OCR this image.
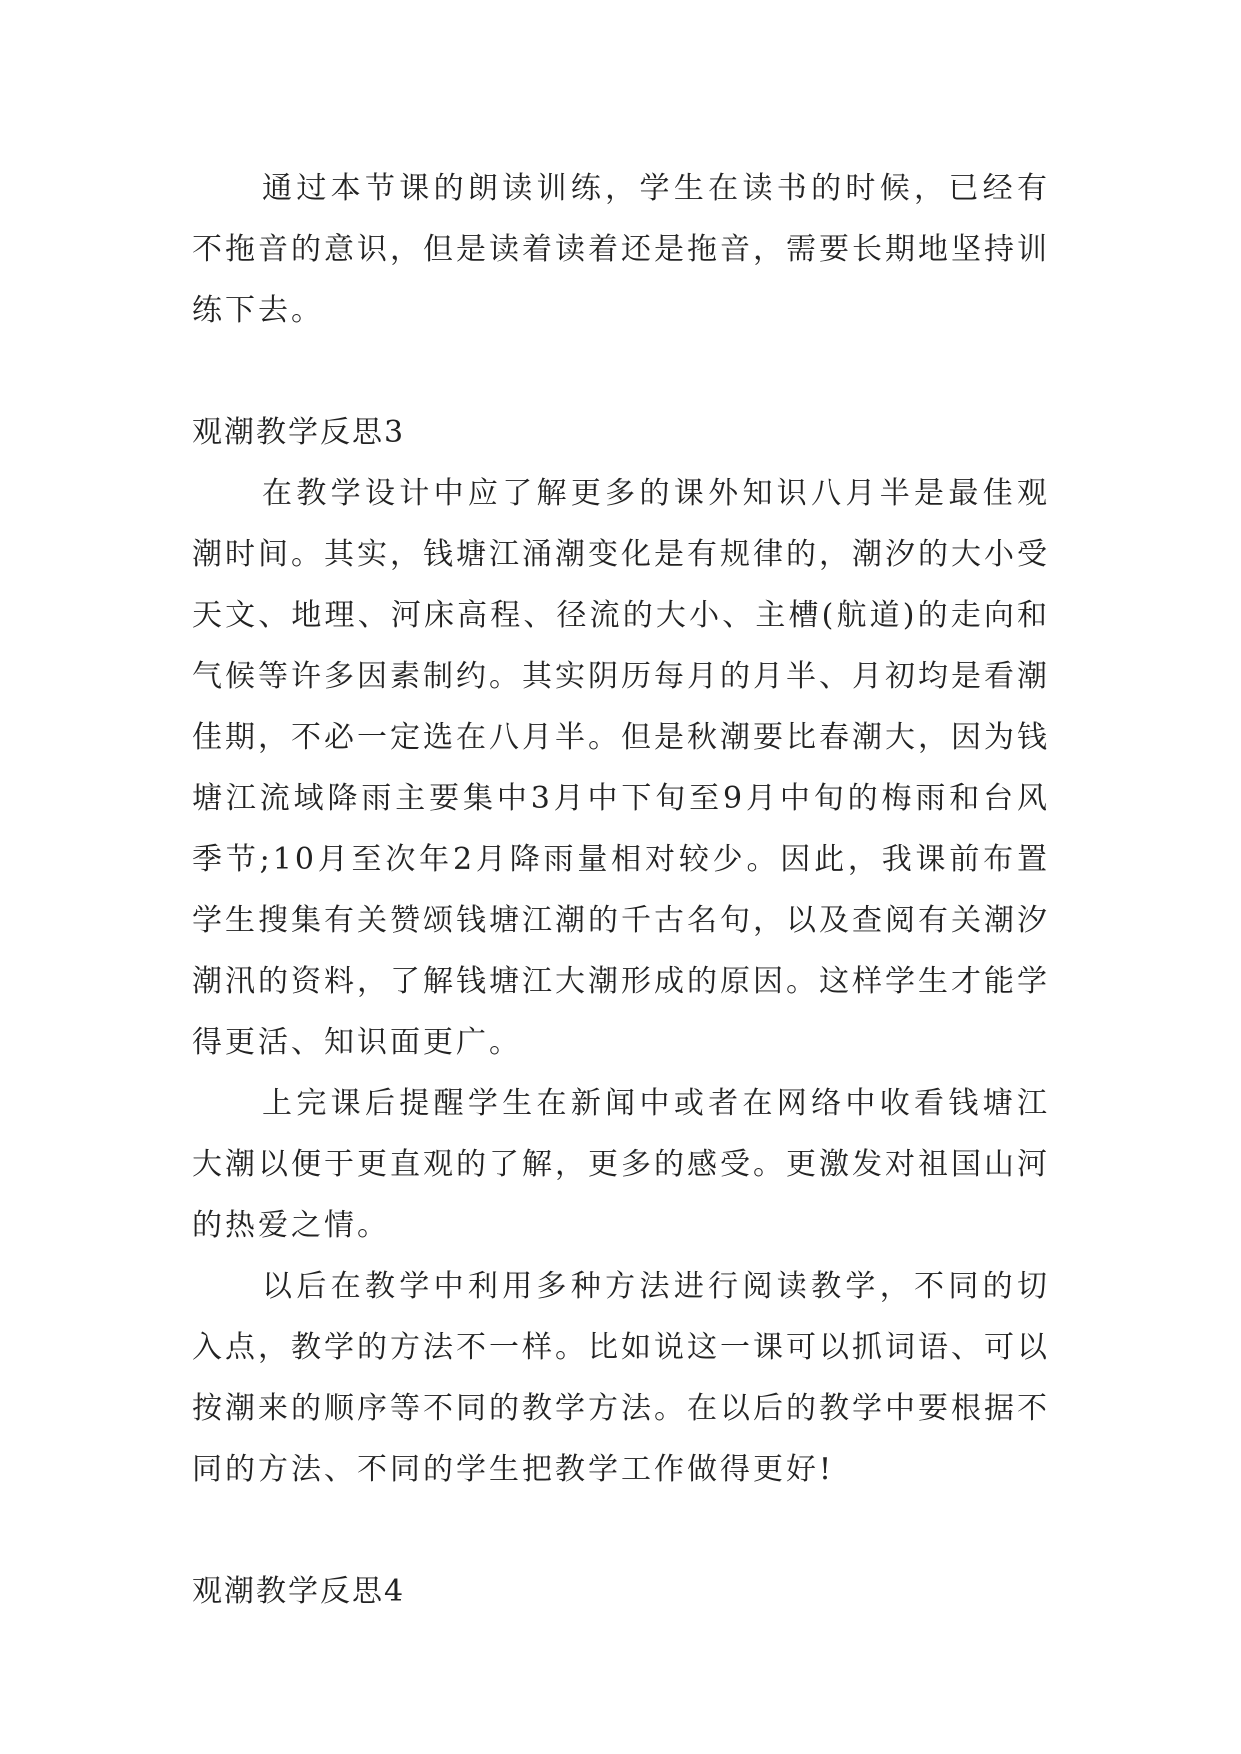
通过本节课的朗读训练，学生在读书的时候，已经有不拖音的意识，但是读着读着还是拖音，需要长期地坚持训练下去。

观潮教学反思3

在教学设计中应了解更多的课外知识八月半是最佳观潮时间。其实，钱塘江涌潮变化是有规律的，潮汐的大小受天文、地理、河床高程、径流的大小、主槽(航道)的走向和气候等许多因素制约。其实阴历每月的月半、月初均是看潮佳期，不必一定选在八月半。但是秋潮要比春潮大，因为钱塘江流域降雨主要集中3月中下旬至9月中旬的梅雨和台风季节;10月至次年2月降雨量相对较少。因此，我课前布置学生搜集有关赞颂钱塘江潮的千古名句，以及查阅有关潮汐潮汛的资料，了解钱塘江大潮形成的原因。这样学生才能学得更活、知识面更广。

上完课后提醒学生在新闻中或者在网络中收看钱塘江大潮以便于更直观的了解，更多的感受。更激发对祖国山河的热爱之情。

以后在教学中利用多种方法进行阅读教学，不同的切入点，教学的方法不一样。比如说这一课可以抓词语、可以按潮来的顺序等不同的教学方法。在以后的教学中要根据不同的方法、不同的学生把教学工作做得更好!

观潮教学反思4
